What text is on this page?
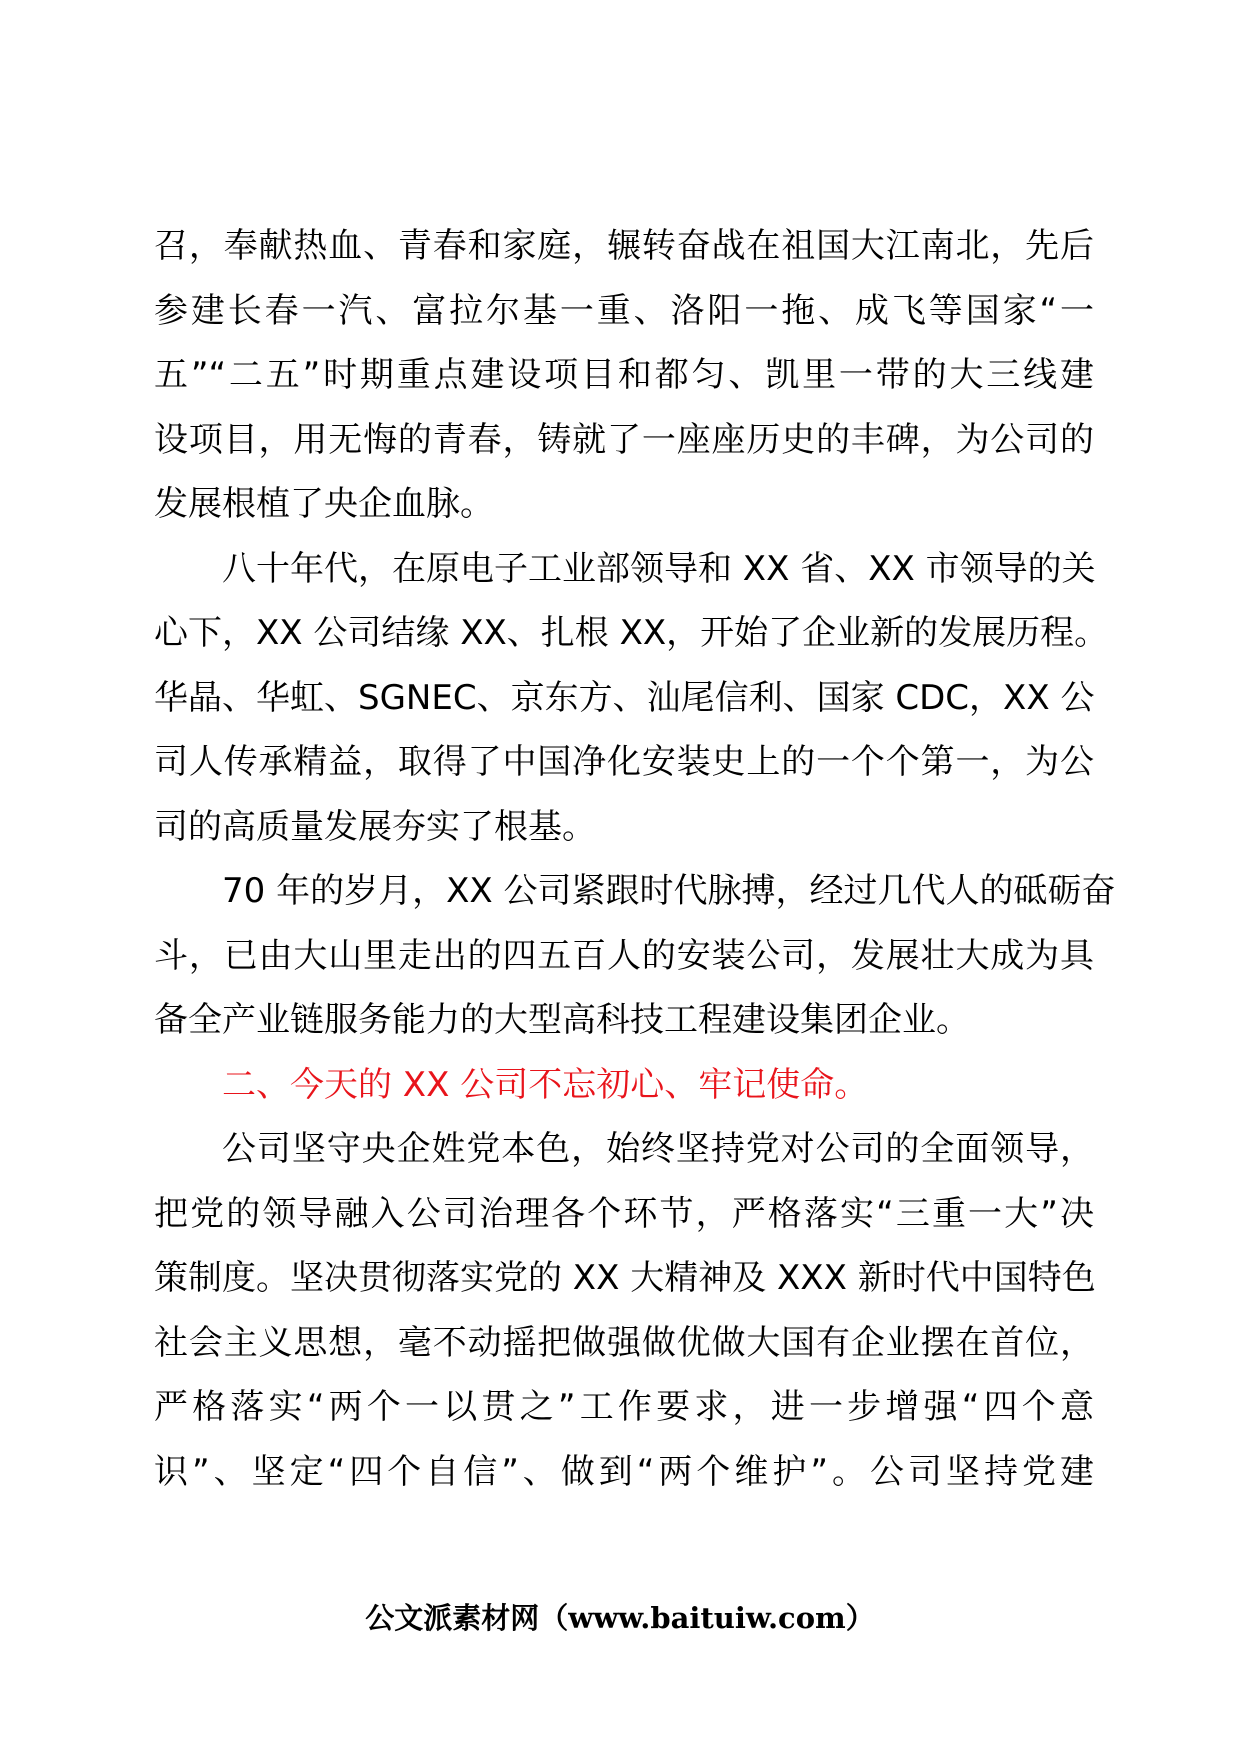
召，奉献热血、青春和家庭，辗转奋战在祖国大江南北，先后
参建长春一汽、富拉尔基一重、洛阳一拖、成飞等国家“一
五”“二五”时期重点建设项目和都匀、凯里一带的大三线建
设项目，用无悔的青春，铸就了一座座历史的丰碑，为公司的
发展根植了央企血脉。
八十年代，在原电子工业部领导和 XX 省、XX 市领导的关
心下，XX 公司结缘 XX、扎根 XX，开始了企业新的发展历程。
华晶、华虹、SGNEC、京东方、汕尾信利、国家 CDC，XX 公
司人传承精益，取得了中国净化安装史上的一个个第一，为公
司的高质量发展夯实了根基。
70 年的岁月，XX 公司紧跟时代脉搏，经过几代人的砥砺奋
斗，已由大山里走出的四五百人的安装公司，发展壮大成为具
备全产业链服务能力的大型高科技工程建设集团企业。
二、今天的 XX 公司不忘初心、牢记使命。
公司坚守央企姓党本色，始终坚持党对公司的全面领导，
把党的领导融入公司治理各个环节，严格落实“三重一大”决
策制度。坚决贯彻落实党的 XX 大精神及 XXX 新时代中国特色
社会主义思想，毫不动摇把做强做优做大国有企业摆在首位，
严格落实“两个一以贯之”工作要求，进一步增强“四个意
识”、坚定“四个自信”、做到“两个维护”。公司坚持党建
公文派素材网（www.baituiw.com）
